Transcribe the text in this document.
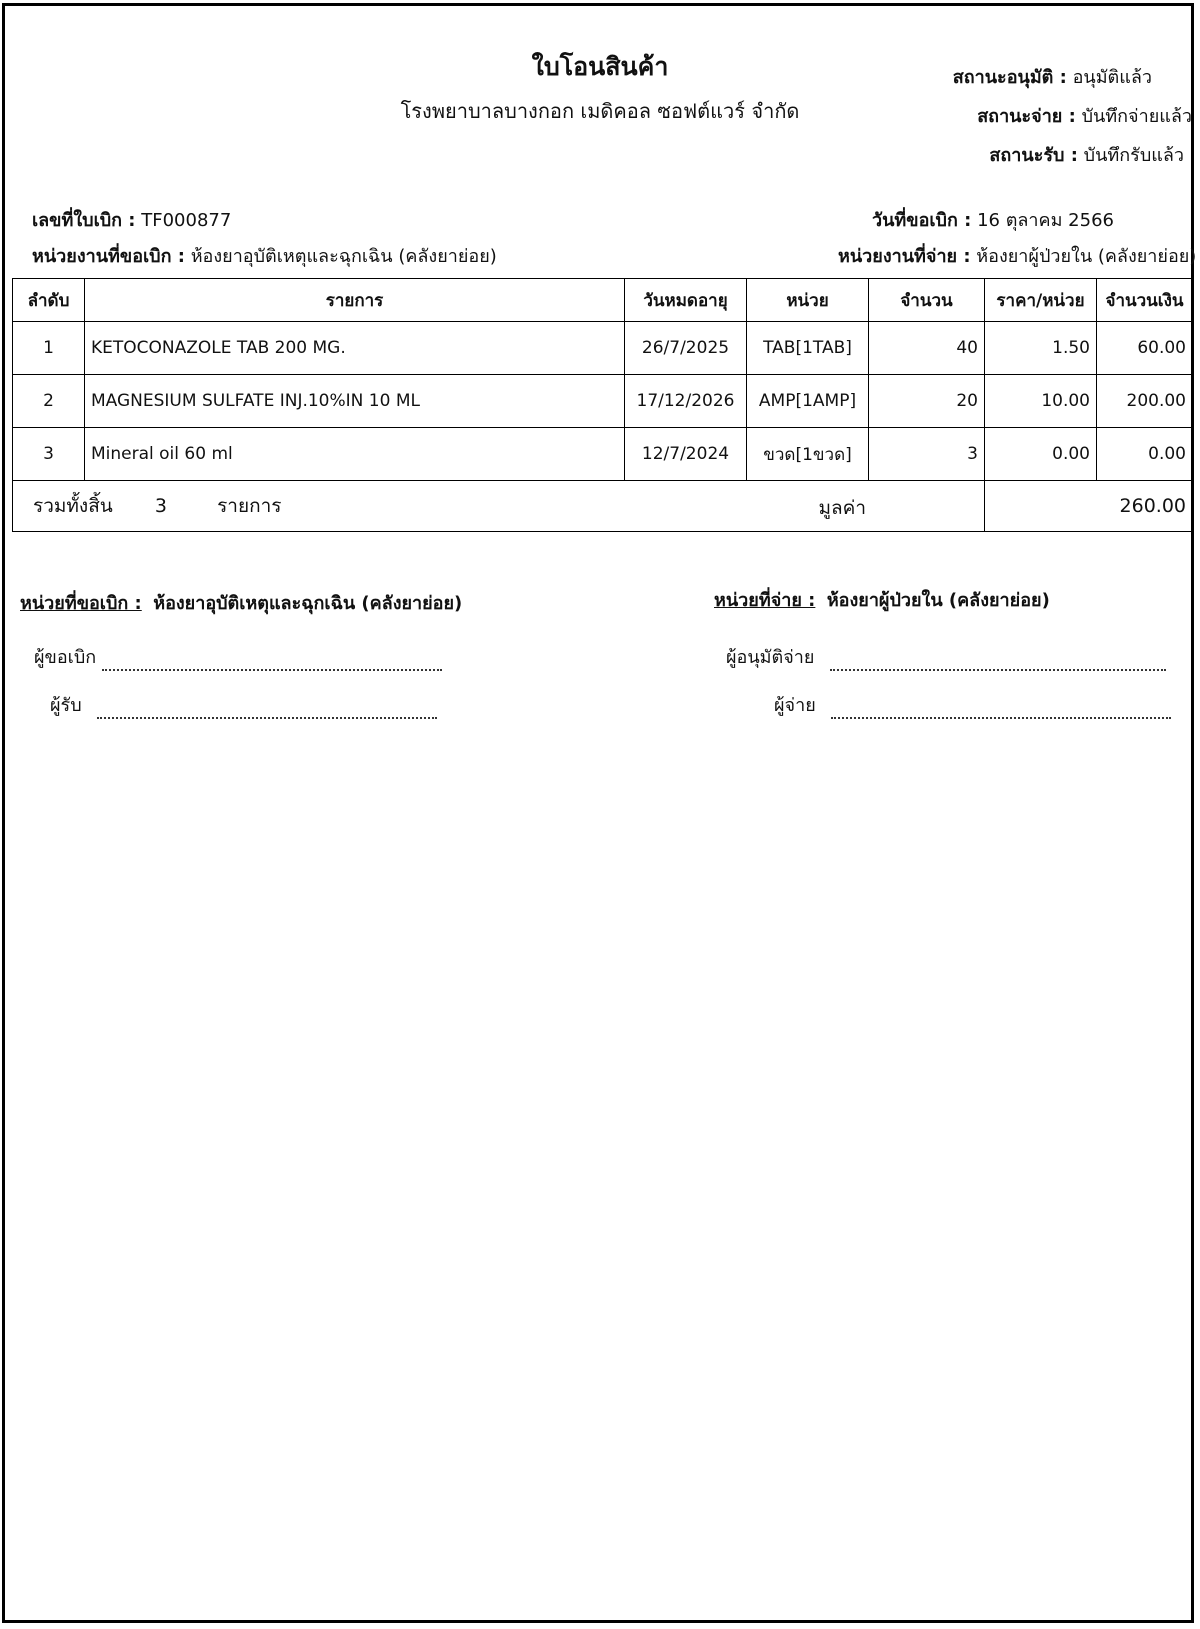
ใบโอนสินค้า
โรงพยาบาลบางกอก เมดิคอล ซอฟต์แวร์ จำกัด
สถานะอนุมัติ : อนุมัติแล้ว
สถานะจ่าย : บันทึกจ่ายแล้ว
สถานะรับ : บันทึกรับแล้ว
เลขที่ใบเบิก : TF000877	วันที่ขอเบิก : 16 ตุลาคม 2566
หน่วยงานที่ขอเบิก : ห้องยาอุบัติเหตุและฉุกเฉิน (คลังยาย่อย)	หน่วยงานที่จ่าย : ห้องยาผู้ป่วยใน (คลังยาย่อย)
ลำดับ	รายการ	วันหมดอายุ	หน่วย	จำนวน	ราคา/หน่วย	จำนวนเงิน
1	KETOCONAZOLE TAB 200 MG.	26/7/2025	TAB[1TAB]	40	1.50	60.00
2	MAGNESIUM SULFATE INJ.10%IN 10 ML	17/12/2026	AMP[1AMP]	20	10.00	200.00
3	Mineral oil 60 ml	12/7/2024	ขวด[1ขวด]	3	0.00	0.00
รวมทั้งสิ้น 3 รายการ มูลค่า					260.00	
หน่วยที่ขอเบิก : ห้องยาอุบัติเหตุและฉุกเฉิน (คลังยาย่อย)	หน่วยที่จ่าย : ห้องยาผู้ป่วยใน (คลังยาย่อย)
ผู้ขอเบิก
ผู้รับ
ผู้อนุมัติจ่าย
ผู้จ่าย
